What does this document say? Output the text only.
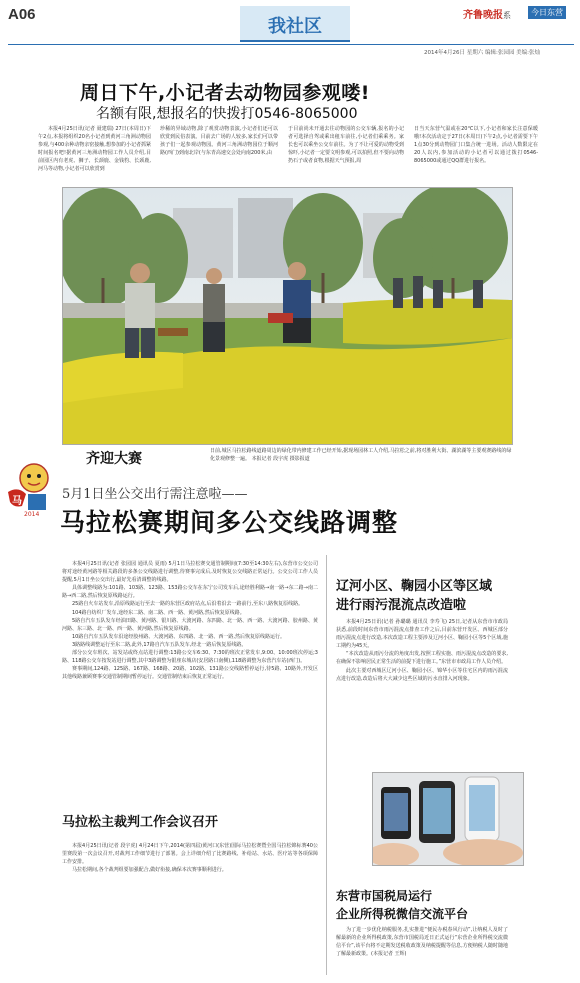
A06
我社区
齐鲁晚报系	今日东营
2014年4月26日 星期六 编辑:张园园 美编:张灿
周日下午,小记者去动物园参观喽!
名额有限,想报名的快拨打0546-8065000

本报4月25日讯(记者 聂建瑞) 27日(本周日)下午2点,本报将组织20名小记者到黄河三角洲动物园参观,与400余种动物亲密接触,想参加的小记者抓紧时间报名吧!据黄河三角洲动物园工作人员介绍,目前园区内有老虎、狮子、长颈鹿、金钱豹、长颈鹿,河马等动物,小记者可以欣赏到

珍稀的异域动物,除了观赏动物表演,小记者们还可以欣赏到民俗表演。目前去广场的人较多,家长们可以带孩子们一起参观动物园。黄河三角洲动物园位于顺河路(西门)到南北岸(与东青高速交会处向南200米,由

于目前尚未开通去往动物园的公交车辆,报名的小记者可选择自驾或乘出租车前往,小记者们乘乘务。家长也可以乘坐公交车前往。为了不让可爱的动物受到惊吓,小记者一定要文明参观,可以拍照,但不要向动物扔石子或者食物,根据天气预报,周

日当天东营气温或在20℃以下,小记者和家长注意保暖哦!本次活动定于27日(本周日)下午2点,小记者需要下午1点30分到动物园门口集合统一进场。活动人数限定在20人以内,参加活动的小记者可以通过拨打0546-8065000或通过QQ群进行报名。

齐迎大赛	日前,城区马拉松路线道路周边的绿化带内修建工作已经开始,据现场园林工人介绍,马拉松之前,将对胜利大街、湖滨湖等主要观赛路线的绿化景观修整一遍。 本报记者 段宇虎 摄影报道
马
2014
5月1日坐公交出行需注意啦——
马拉松赛期间多公交线路调整

本报4月25日讯(记者 张园园 通讯员 夏雨) 5月1日马拉松赛交通管制期间(7:30至14:30左右),东营市公交公司将对途经黄河路等相关路段的多条公交线路进行调整,待赛事完成后,及时恢复公交线路正常运行。公交公司工作人员提醒,5月1日坐公交出行,最好先看清调整的线路。

具体调整线路为:101路、103路、123路、153路公交车在东宁公司发车后,途经胜利路→南一路→东二路→南二路→西二路,然后恢复原线路运行。

25路自火车站发车,沿原线路运行至去一路的东营区政府站点,后沿着沿去一路前行,至东八路恢复原线路。

104路自纺织厂发车,途经东二路、南二路、西一路、黄河路,然后恢复原线路。

5路自汽车五队发车经油田路、黄河路、银川路、大渡河路、东四路、北一路、西一路、大渡河路、胶州路、黄河路、东三路、北一路、西一路、黄河路,然后恢复原线路。

10路自汽车五队发车沿途经胶州路、大渡河路、东四路、北一路、西一路,然后恢复原线路运行。

3路路线调整运行至东二路,此外,17路自汽车五队发车,经北一路后恢复原线路。

部分公交车班次、站发站或终点站进行调整:13路公交车6:30、7:30的班次正常发车,9:00、10:00班次停运;3路、118路公交车按发站进行调整,其中3路调整为银座东城店(安居路口南侧),118路调整为东营汽车站(西门)。

赛事期间,124路、125路、167路、168路、20路、102路、131路公交线路暂停运行,待5路、10路外,开发区其他线路兼顾赛事交通管制期间暂停运行。交通管制结束后恢复正常运行。

马拉松主裁判工作会议召开

本报4月25日讯(记者 段宇虎) 4月24日下午,2014(第四届)黄河口(东营)国际马拉松赛暨全国马拉松锦标赛40公里赛段第一次会议召开,对裁判工作细节进行了部署。会上详细介绍了比赛路线、补给站、水站、医疗站等各项保障工作安排。

马拉松期间,各个裁判组要加强配合,做好衔接,确保本次赛事顺利进行。

辽河小区、鞠园小区等区域
进行雨污混流点改造啦

本报4月25日讯(记者 孙璐璐 通讯员 李寿飞) 25日,记者从东营市市政局获悉,前段时间东营市雨污混流点排查工作之后,目前东营开发区、西城区部分雨污混流点进行改造,本次改造工程主要涉及辽河小区、鞠园小区等5个区域,施工期约为45天。

“本次改造从雨污分流的角度出发,按照工程实施、雨污混流点改造的要求,在确保不影响居民正常生活的前提下进行施工。”东营市市政局工作人员介绍。

此次主要对西城区辽河小区、鞠园小区、锦华小区等住宅区内的雨污混流点进行改造,改造后将大大减少这些区域的污水直排入河现象。

东营市国税局运行
企业所得税微信交流平台

为了进一步优化纳税服务,扎实推进“便民办税春风行动”,让纳税人及时了解最新的企业所得税政策,东营市国税局近日正式运行“东营企业所得税交流微信平台”,该平台将不定期发送税收政策及纳税提醒等信息,方便纳税人随时随地了解最新政策。(本报记者 王辉)
